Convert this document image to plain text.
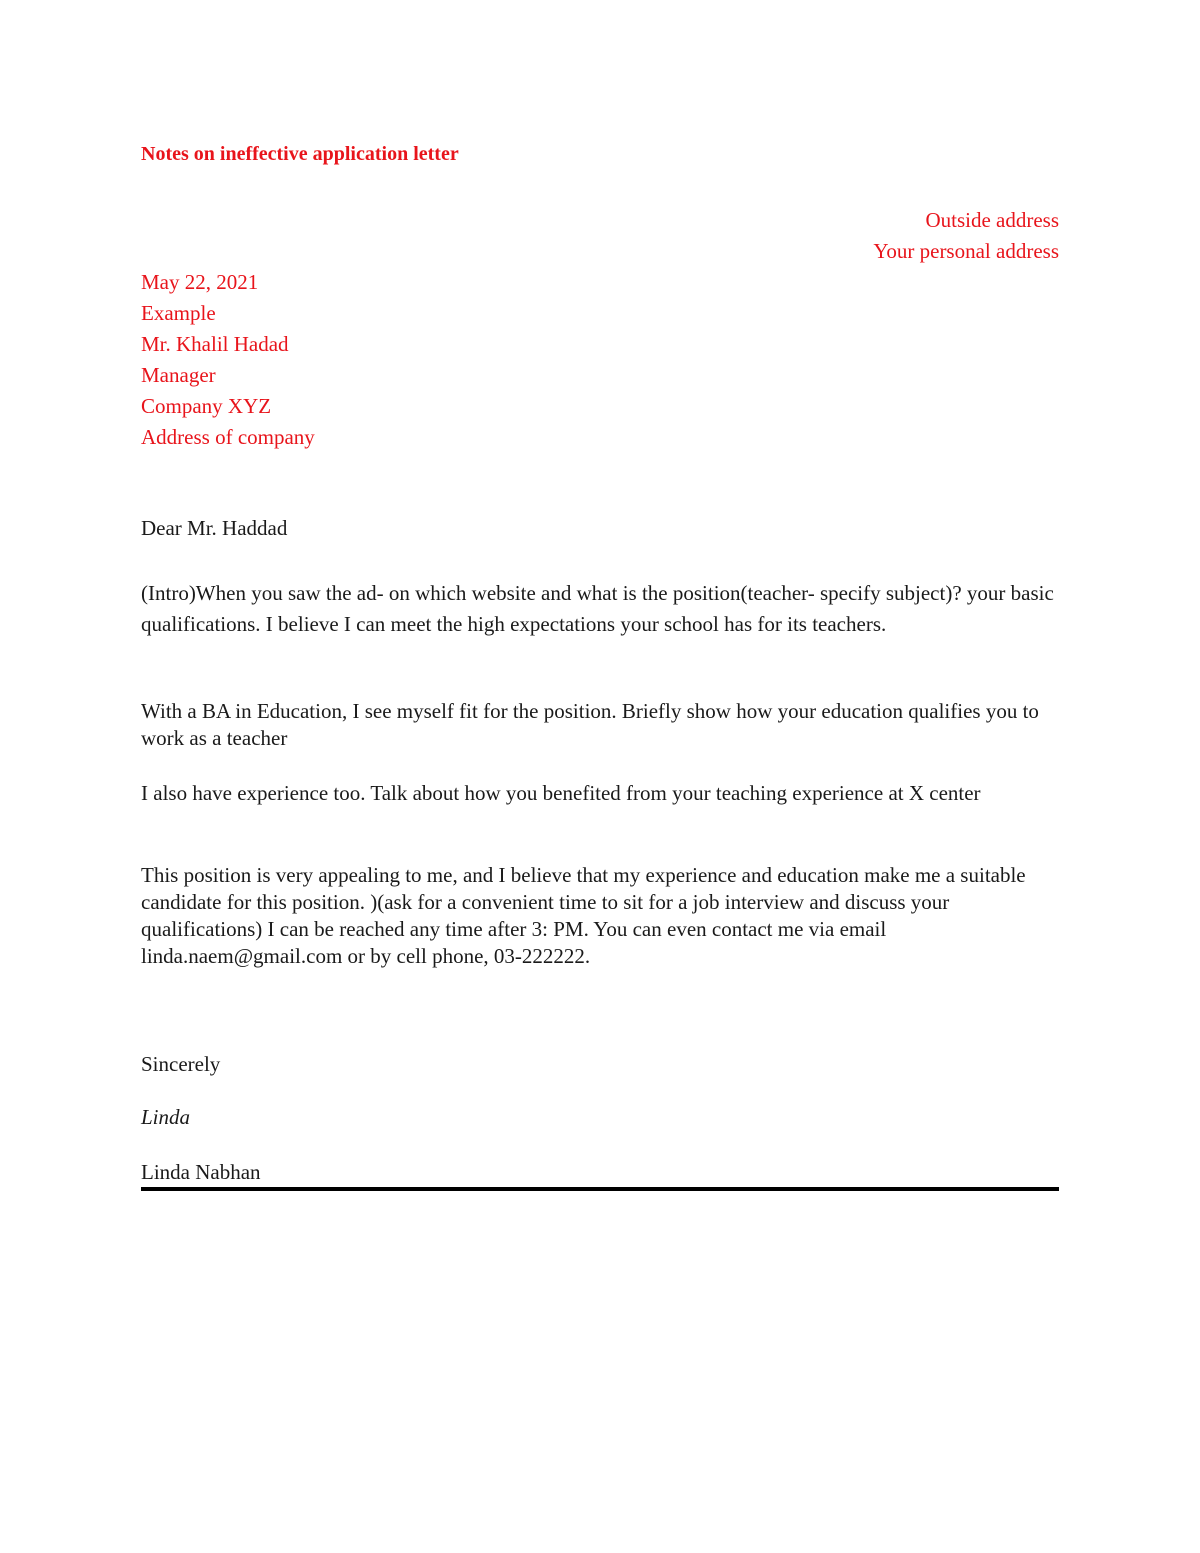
Notes on ineffective application letter
Outside address
Your personal address
May 22, 2021
Example
Mr. Khalil Hadad
Manager
Company XYZ
Address of company
Dear Mr. Haddad
(Intro)When you saw the ad- on which website and what is the position(teacher- specify subject)? your basic qualifications. I believe I can meet the high expectations your school has for its teachers.
With a BA in Education, I see myself fit for the position. Briefly show how your education qualifies you to work as a teacher
I also have experience too. Talk about how you benefited from your teaching experience at X center
This position is very appealing to me, and I believe that my experience and education make me a suitable candidate for this position. )(ask for a convenient time to sit for a job interview and discuss your qualifications) I can be reached any time after 3: PM. You can even contact me via email linda.naem@gmail.com or by cell phone, 03-222222.
Sincerely
Linda
Linda Nabhan
